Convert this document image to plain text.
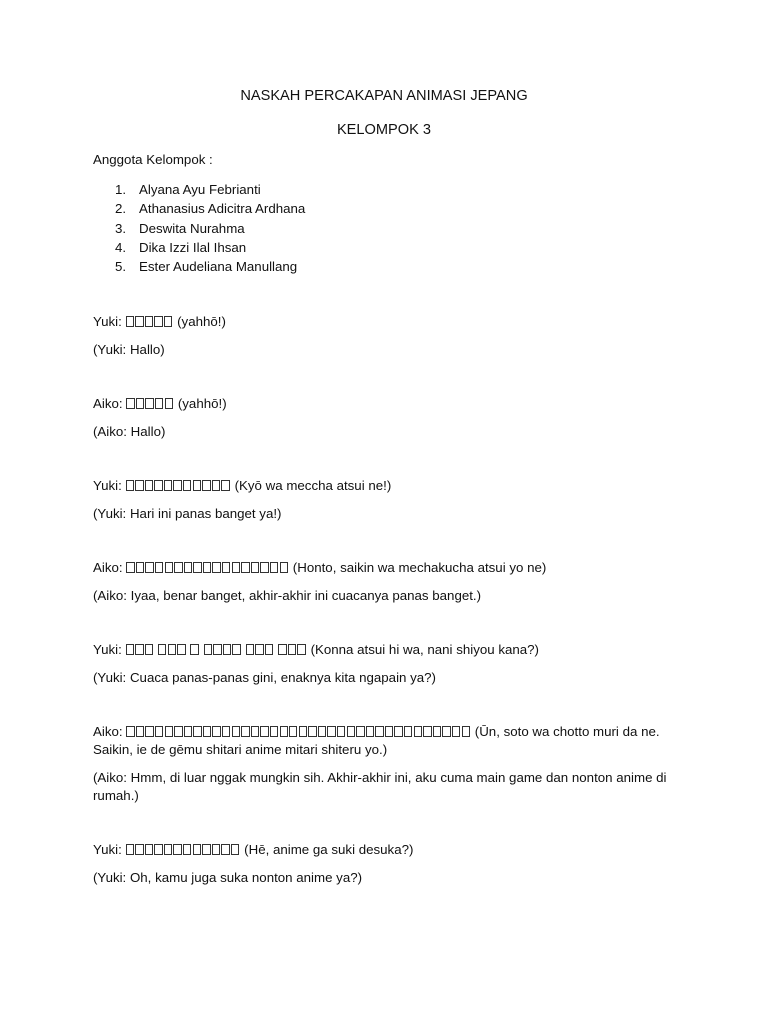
NASKAH PERCAKAPAN ANIMASI JEPANG
KELOMPOK 3

Anggota Kelompok :

1. Alyana Ayu Febrianti
2. Athanasius Adicitra Ardhana
3. Deswita Nurahma
4. Dika Izzi Ilal Ihsan
5. Ester Audeliana Manullang

Yuki:	(yahhō!)

(Yuki: Hallo)

Aiko:	(yahhō!)

(Aiko: Hallo)

Yuki:	(Kyō wa meccha atsui ne!)

(Yuki: Hari ini panas banget ya!)

Aiko:	(Honto, saikin wa mechakucha atsui yo ne)

(Aiko: Iyaa, benar banget, akhir-akhir ini cuacanya panas banget.)

Yuki:	(Konna atsui hi wa, nani shiyou kana?)

(Yuki: Cuaca panas-panas gini, enaknya kita ngapain ya?)

Aiko:	(Ūn, soto wa chotto muri da ne. Saikin, ie de gēmu shitari anime mitari shiteru yo.)

(Aiko: Hmm, di luar nggak mungkin sih. Akhir-akhir ini, aku cuma main game dan nonton anime di rumah.)

Yuki:	(Hē, anime ga suki desuka?)

(Yuki: Oh, kamu juga suka nonton anime ya?)
